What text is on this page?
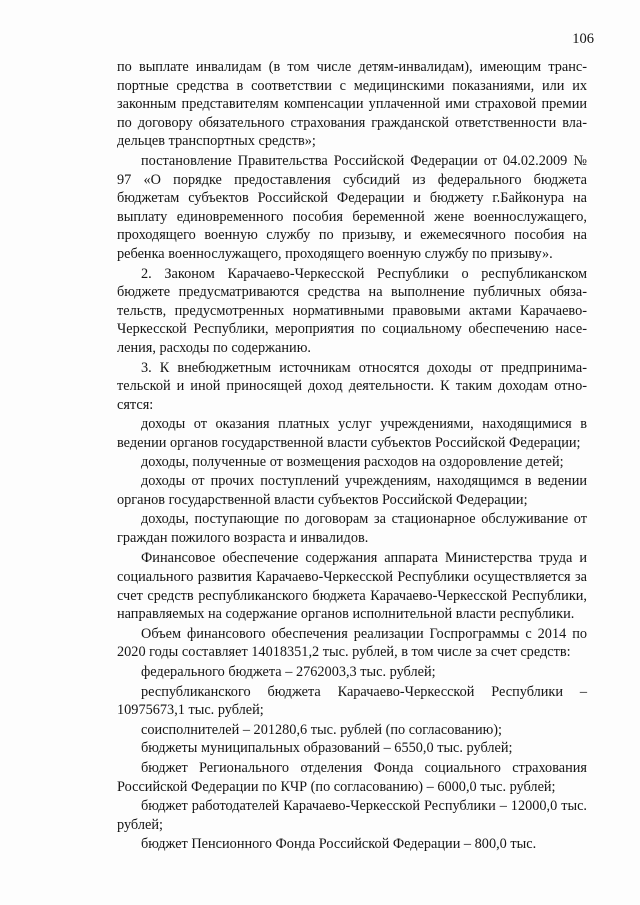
106

по выплате инвалидам (в том числе детям-инвалидам), имеющим транспортные средства в соответствии с медицинскими показаниями, или их законным представителям компенсации уплаченной ими страховой премии по договору обязательного страхования гражданской ответственности владельцев транспортных средств»;

постановление Правительства Российской Федерации от 04.02.2009 № 97 «О порядке предоставления субсидий из федерального бюджета бюджетам субъектов Российской Федерации и бюджету г.Байконура на выплату единовременного пособия беременной жене военнослужащего, проходящего военную службу по призыву, и ежемесячного пособия на ребенка военнослужащего, проходящего военную службу по призыву».

2. Законом Карачаево-Черкесской Республики о республиканском бюджете предусматриваются средства на выполнение публичных обязательств, предусмотренных нормативными правовыми актами Карачаево-Черкесской Республики, мероприятия по социальному обеспечению населения, расходы по содержанию.

3. К внебюджетным источникам относятся доходы от предпринимательской и иной приносящей доход деятельности. К таким доходам относятся:

доходы от оказания платных услуг учреждениями, находящимися в ведении органов государственной власти субъектов Российской Федерации;

доходы, полученные от возмещения расходов на оздоровление детей;

доходы от прочих поступлений учреждениям, находящимся в ведении органов государственной власти субъектов Российской Федерации;

доходы, поступающие по договорам за стационарное обслуживание от граждан пожилого возраста и инвалидов.

Финансовое обеспечение содержания аппарата Министерства труда и социального развития Карачаево-Черкесской Республики осуществляется за счет средств республиканского бюджета Карачаево-Черкесской Республики, направляемых на содержание органов исполнительной власти республики.

Объем финансового обеспечения реализации Госпрограммы с 2014 по 2020 годы составляет 14018351,2 тыс. рублей, в том числе за счет средств:

федерального бюджета – 2762003,3 тыс. рублей;

республиканского бюджета Карачаево-Черкесской Республики – 10975673,1 тыс. рублей;

соисполнителей – 201280,6 тыс. рублей (по согласованию);

бюджеты муниципальных образований – 6550,0 тыс. рублей;

бюджет Регионального отделения Фонда социального страхования Российской Федерации по КЧР (по согласованию) – 6000,0 тыс. рублей;

бюджет работодателей Карачаево-Черкесской Республики – 12000,0 тыс. рублей;

бюджет Пенсионного Фонда Российской Федерации – 800,0 тыс.
